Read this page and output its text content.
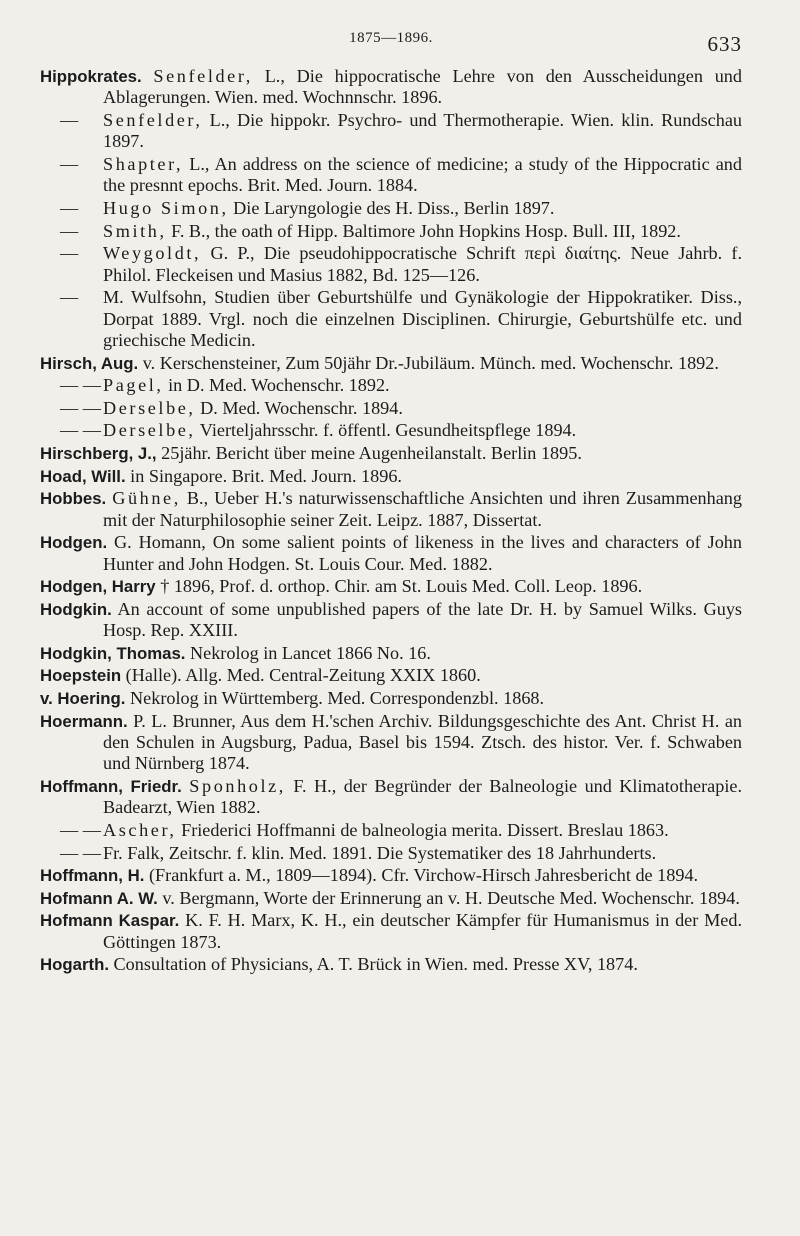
1875—1896.	633
Hippokrates. Senfelder, L., Die hippocratische Lehre von den Ausscheidungen und Ablagerungen. Wien. med. Wochnnschr. 1896.
— Senfelder, L., Die hippokr. Psychro- und Thermotherapie. Wien. klin. Rundschau 1897.
— Shapter, L., An address on the science of medicine; a study of the Hippocratic and the presnnt epochs. Brit. Med. Journ. 1884.
— Hugo Simon, Die Laryngologie des H. Diss., Berlin 1897.
— Smith, F. B., the oath of Hipp. Baltimore John Hopkins Hosp. Bull. III, 1892.
— Weygoldt, G. P., Die pseudohippocratische Schrift περὶ διαίτης. Neue Jahrb. f. Philol. Fleckeisen und Masius 1882, Bd. 125—126.
— M. Wulfsohn, Studien über Geburtshülfe und Gynäkologie der Hippokratiker. Diss., Dorpat 1889. Vrgl. noch die einzelnen Disciplinen. Chirurgie, Geburtshülfe etc. und griechische Medicin.
Hirsch, Aug. v. Kerschensteiner, Zum 50jähr Dr.-Jubiläum. Münch. med. Wochenschr. 1892.
— — Pagel, in D. Med. Wochenschr. 1892.
— — Derselbe, D. Med. Wochenschr. 1894.
— — Derselbe, Vierteljahrsschr. f. öffentl. Gesundheitspflege 1894.
Hirschberg, J., 25jähr. Bericht über meine Augenheilanstalt. Berlin 1895.
Hoad, Will. in Singapore. Brit. Med. Journ. 1896.
Hobbes. Gühne, B., Ueber H.'s naturwissenschaftliche Ansichten und ihren Zusammenhang mit der Naturphilosophie seiner Zeit. Leipz. 1887, Dissertat.
Hodgen. G. Homann, On some salient points of likeness in the lives and characters of John Hunter and John Hodgen. St. Louis Cour. Med. 1882.
Hodgen, Harry † 1896, Prof. d. orthop. Chir. am St. Louis Med. Coll. Leop. 1896.
Hodgkin. An account of some unpublished papers of the late Dr. H. by Samuel Wilks. Guys Hosp. Rep. XXIII.
Hodgkin, Thomas. Nekrolog in Lancet 1866 No. 16.
Hoepstein (Halle). Allg. Med. Central-Zeitung XXIX 1860.
v. Hoering. Nekrolog in Württemberg. Med. Correspondenzbl. 1868.
Hoermann. P. L. Brunner, Aus dem H.'schen Archiv. Bildungsgeschichte des Ant. Christ H. an den Schulen in Augsburg, Padua, Basel bis 1594. Ztsch. des histor. Ver. f. Schwaben und Nürnberg 1874.
Hoffmann, Friedr. Sponholz, F. H., der Begründer der Balneologie und Klimatotherapie. Badearzt, Wien 1882.
— — Ascher, Friederici Hoffmanni de balneologia merita. Dissert. Breslau 1863.
— — Fr. Falk, Zeitschr. f. klin. Med. 1891. Die Systematiker des 18 Jahrhunderts.
Hoffmann, H. (Frankfurt a. M., 1809—1894). Cfr. Virchow-Hirsch Jahresbericht de 1894.
Hofmann A. W. v. Bergmann, Worte der Erinnerung an v. H. Deutsche Med. Wochenschr. 1894.
Hofmann Kaspar. K. F. H. Marx, K. H., ein deutscher Kämpfer für Humanismus in der Med. Göttingen 1873.
Hogarth. Consultation of Physicians, A. T. Brück in Wien. med. Presse XV, 1874.
